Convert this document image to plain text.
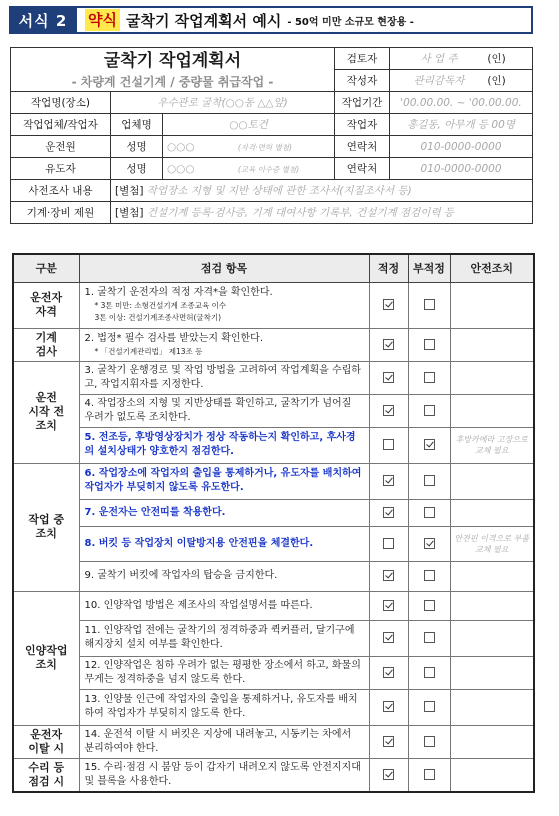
서식 2	약식 굴착기 작업계획서 예시 - 50억 미만 소규모 현장용 -
굴착기 작업계획서
- 차량계 건설기계 / 중량물 취급작업 -			검토자	사 업 주 (인)
			작성자	관리감독자 (인)
작업명(장소)	우수관로 굴착(○○동 △△앞)		작업기간	'00.00.00. ~ '00.00.00.
작업업체/작업자	업체명	○○토건	작업자	홍길동, 아무개 등 00명
운전원	성명	○○○ (자격·면허 별첨)	연락처	010-0000-0000
유도자	성명	○○○ (교육 이수증 별첨)	연락처	010-0000-0000
사전조사 내용	[별첨] 작업장소 지형 및 지반 상태에 관한 조사서(지질조사서 등)			
기계·장비 제원	[별첨] 건설기계 등록·검사증, 기계 대여사항 기록부, 건설기계 점검이력 등			
구분	점검 항목	적정	부적정	안전조치
운전자
자격	1. 굴착기 운전자의 적정 자격*을 확인한다.
* 3톤 미만: 소형건설기계 조종교육 이수
3톤 이상: 건설기계조종사면허(굴착기)			

기계
검사	2. 법정* 필수 검사를 받았는지 확인한다.
* 「건설기계관리법」 제13조 등			

운전
시작 전
조치	3. 굴착기 운행경로 및 작업 방법을 고려하여 작업계획을 수립하고, 작업지휘자를 지정한다.			
	4. 작업장소의 지형 및 지반상태를 확인하고, 굴착기가 넘어질 우려가 없도록 조치한다.			
	5. 전조등, 후방영상장치가 정상 작동하는지 확인하고, 후사경의 설치상태가 양호한지 점검한다.			후방카메라 고장으로 교체 필요
작업 중
조치	6. 작업장소에 작업자의 출입을 통제하거나, 유도자를 배치하여 작업자가 부딪히지 않도록 유도한다.			
	7. 운전자는 안전띠를 착용한다.			
	8. 버킷 등 작업장치 이탈방지용 안전핀을 체결한다.			안전핀 이격으로 부품 교체 필요
	9. 굴착기 버킷에 작업자의 탑승을 금지한다.			
인양작업
조치	10. 인양작업 방법은 제조사의 작업설명서를 따른다.			
	11. 인양작업 전에는 굴착기의 정격하중과 퀵커플러, 달기구에 해지장치 설치 여부를 확인한다.			
	12. 인양작업은 침하 우려가 없는 평평한 장소에서 하고, 화물의 무게는 정격하중을 넘지 않도록 한다.			
	13. 인양물 인근에 작업자의 출입을 통제하거나, 유도자를 배치하여 작업자가 부딪히지 않도록 한다.			
운전자
이탈 시	14. 운전석 이탈 시 버킷은 지상에 내려놓고, 시동키는 차에서 분리하여야 한다.			
수리 등
점검 시	15. 수리·점검 시 붐암 등이 갑자기 내려오지 않도록 안전지지대 및 블록을 사용한다.			
